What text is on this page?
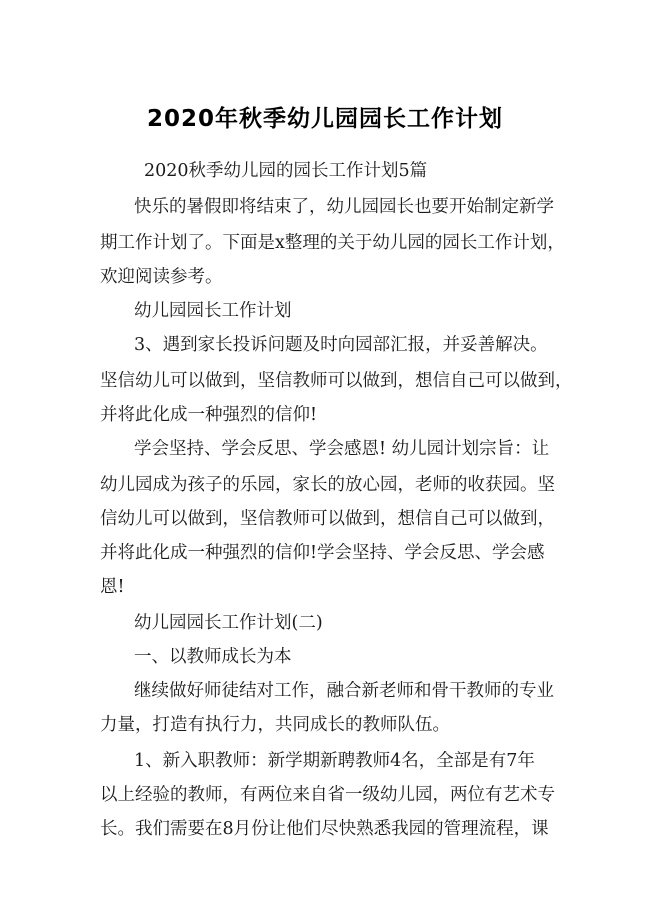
2020年秋季幼儿园园长工作计划
2020秋季幼儿园的园长工作计划5篇
快乐的暑假即将结束了，幼儿园园长也要开始制定新学
期工作计划了。下面是x整理的关于幼儿园的园长工作计划，
欢迎阅读参考。
幼儿园园长工作计划
3、遇到家长投诉问题及时向园部汇报，并妥善解决。
坚信幼儿可以做到，坚信教师可以做到，想信自己可以做到，
并将此化成一种强烈的信仰!
学会坚持、学会反思、学会感恩! 幼儿园计划宗旨：让
幼儿园成为孩子的乐园，家长的放心园，老师的收获园。坚
信幼儿可以做到，坚信教师可以做到，想信自己可以做到，
并将此化成一种强烈的信仰!学会坚持、学会反思、学会感
恩!
幼儿园园长工作计划(二)
一、以教师成长为本
继续做好师徒结对工作，融合新老师和骨干教师的专业
力量，打造有执行力，共同成长的教师队伍。
1、新入职教师：新学期新聘教师4名，全部是有7年
以上经验的教师，有两位来自省一级幼儿园，两位有艺术专
长。我们需要在8月份让他们尽快熟悉我园的管理流程，课
